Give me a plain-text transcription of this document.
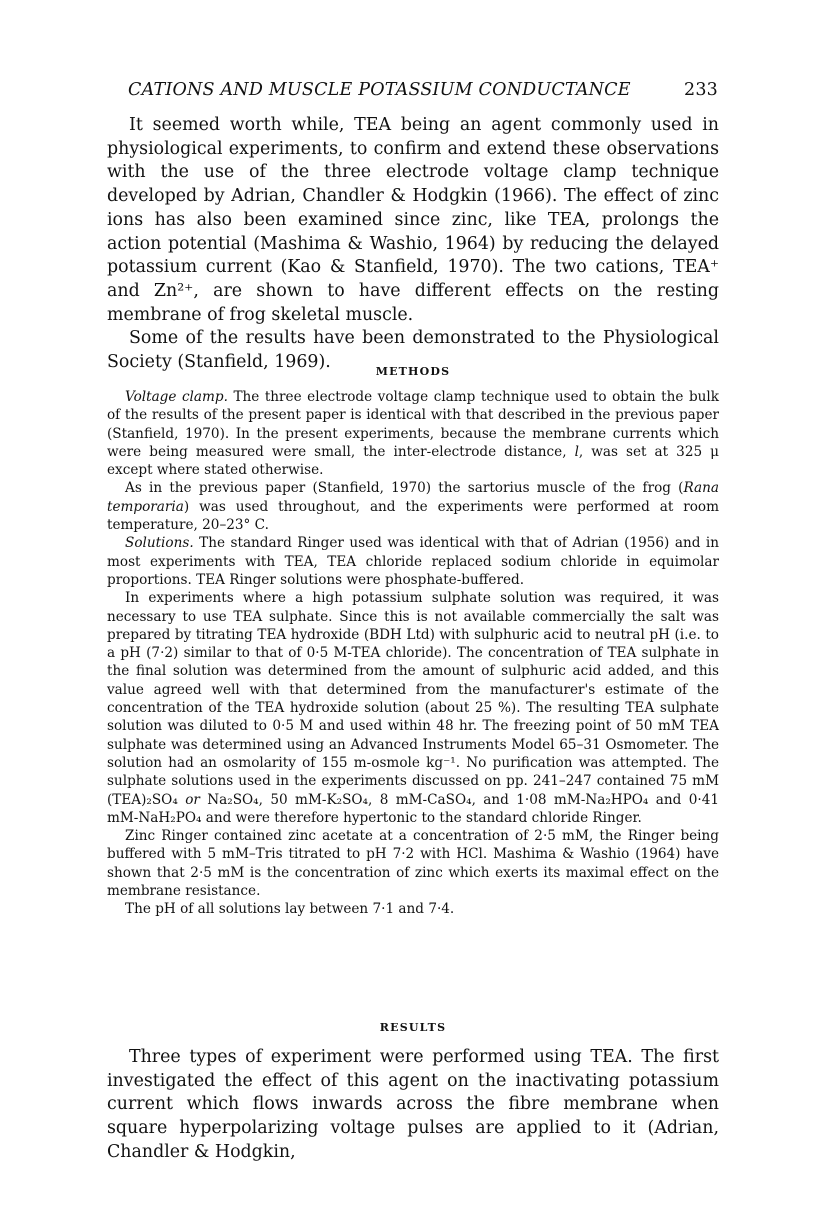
CATIONS AND MUSCLE POTASSIUM CONDUCTANCE	233

It seemed worth while, TEA being an agent commonly used in physiological experiments, to confirm and extend these observations with the use of the three electrode voltage clamp technique developed by Adrian, Chandler & Hodgkin (1966). The effect of zinc ions has also been examined since zinc, like TEA, prolongs the action potential (Mashima & Washio, 1964) by reducing the delayed potassium current (Kao & Stanfield, 1970). The two cations, TEA⁺ and Zn²⁺, are shown to have different effects on the resting membrane of frog skeletal muscle.

Some of the results have been demonstrated to the Physiological Society (Stanfield, 1969).	METHODS

Voltage clamp. The three electrode voltage clamp technique used to obtain the bulk of the results of the present paper is identical with that described in the previous paper (Stanfield, 1970). In the present experiments, because the membrane currents which were being measured were small, the inter-electrode distance, l, was set at 325 μ except where stated otherwise.

As in the previous paper (Stanfield, 1970) the sartorius muscle of the frog (Rana temporaria) was used throughout, and the experiments were performed at room temperature, 20–23° C.

Solutions. The standard Ringer used was identical with that of Adrian (1956) and in most experiments with TEA, TEA chloride replaced sodium chloride in equimolar proportions. TEA Ringer solutions were phosphate-buffered.

In experiments where a high potassium sulphate solution was required, it was necessary to use TEA sulphate. Since this is not available commercially the salt was prepared by titrating TEA hydroxide (BDH Ltd) with sulphuric acid to neutral pH (i.e. to a pH (7·2) similar to that of 0·5 M-TEA chloride). The concentration of TEA sulphate in the final solution was determined from the amount of sulphuric acid added, and this value agreed well with that determined from the manufacturer's estimate of the concentration of the TEA hydroxide solution (about 25 %). The resulting TEA sulphate solution was diluted to 0·5 M and used within 48 hr. The freezing point of 50 mM TEA sulphate was determined using an Advanced Instruments Model 65–31 Osmometer. The solution had an osmolarity of 155 m-osmole kg⁻¹. No purification was attempted. The sulphate solutions used in the experiments discussed on pp. 241–247 contained 75 mM (TEA)₂SO₄ or Na₂SO₄, 50 mM-K₂SO₄, 8 mM-CaSO₄, and 1·08 mM-Na₂HPO₄ and 0·41 mM-NaH₂PO₄ and were therefore hypertonic to the standard chloride Ringer.

Zinc Ringer contained zinc acetate at a concentration of 2·5 mM, the Ringer being buffered with 5 mM–Tris titrated to pH 7·2 with HCl. Mashima & Washio (1964) have shown that 2·5 mM is the concentration of zinc which exerts its maximal effect on the membrane resistance.

The pH of all solutions lay between 7·1 and 7·4.

RESULTS

Three types of experiment were performed using TEA. The first investigated the effect of this agent on the inactivating potassium current which flows inwards across the fibre membrane when square hyperpolarizing voltage pulses are applied to it (Adrian, Chandler & Hodgkin,
